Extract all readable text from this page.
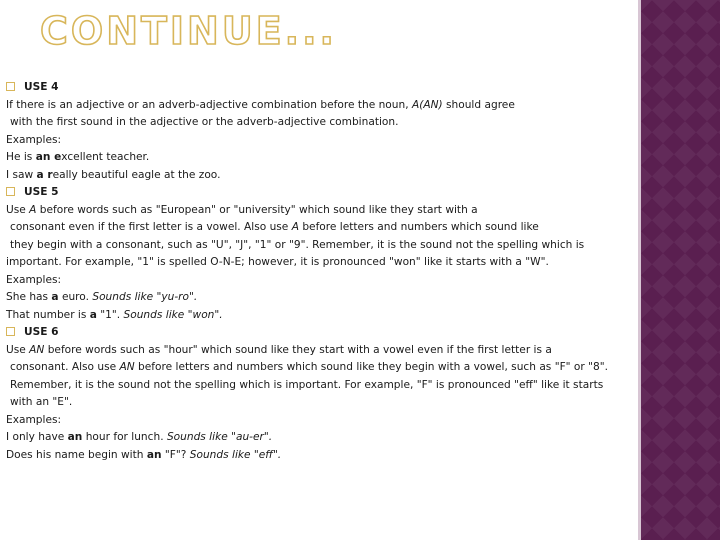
CONTINUE...
USE 4
If there is an adjective or an adverb-adjective combination before the noun, A(AN) should agree
with the first sound in the adjective or the adverb-adjective combination.
Examples:
He is an excellent teacher.
I saw a really beautiful eagle at the zoo.
USE 5
Use A before words such as "European" or "university" which sound like they start with a
consonant even if the first letter is a vowel. Also use A before letters and numbers which sound like
they begin with a consonant, such as "U", "J", "1" or "9". Remember, it is the sound not the spelling which is
important. For example, "1" is spelled O-N-E; however, it is pronounced "won" like it starts with a "W".
Examples:
She has a euro. Sounds like "yu-ro".
That number is a "1". Sounds like "won".
USE 6
Use AN before words such as "hour" which sound like they start with a vowel even if the first letter is a
consonant. Also use AN before letters and numbers which sound like they begin with a vowel, such as "F" or "8".
Remember, it is the sound not the spelling which is important. For example, "F" is pronounced "eff" like it starts
with an "E".
Examples:
I only have an hour for lunch. Sounds like "au-er".
Does his name begin with an "F"? Sounds like "eff".
